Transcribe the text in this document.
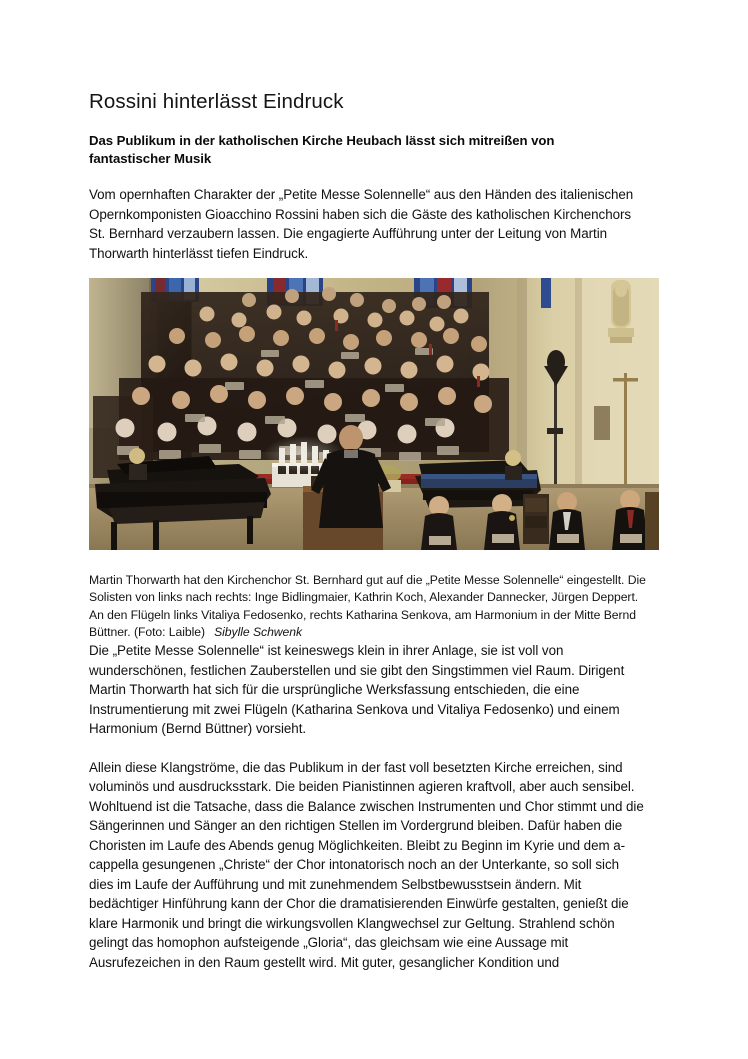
Rossini hinterlässt Eindruck
Das Publikum in der katholischen Kirche Heubach lässt sich mitreißen von fantastischer Musik

Vom opernhaften Charakter der „Petite Messe Solennelle“ aus den Händen des italienischen Opernkomponisten Gioacchino Rossini haben sich die Gäste des katholischen Kirchenchors St. Bernhard verzaubern lassen. Die engagierte Aufführung unter der Leitung von Martin Thorwarth hinterlässt tiefen Eindruck.

Martin Thorwarth hat den Kirchenchor St. Bernhard gut auf die „Petite Messe Solennelle“ eingestellt. Die Solisten von links nach rechts: Inge Bidlingmaier, Kathrin Koch, Alexander Dannecker, Jürgen Deppert. An den Flügeln links Vitaliya Fedosenko, rechts Katharina Senkova, am Harmonium in der Mitte Bernd Büttner. (Foto: Laible) Sibylle Schwenk

Die „Petite Messe Solennelle“ ist keineswegs klein in ihrer Anlage, sie ist voll von wunderschönen, festlichen Zauberstellen und sie gibt den Singstimmen viel Raum. Dirigent Martin Thorwarth hat sich für die ursprüngliche Werksfassung entschieden, die eine Instrumentierung mit zwei Flügeln (Katharina Senkova und Vitaliya Fedosenko) und einem Harmonium (Bernd Büttner) vorsieht.

Allein diese Klangströme, die das Publikum in der fast voll besetzten Kirche erreichen, sind voluminös und ausdrucksstark. Die beiden Pianistinnen agieren kraftvoll, aber auch sensibel. Wohltuend ist die Tatsache, dass die Balance zwischen Instrumenten und Chor stimmt und die Sängerinnen und Sänger an den richtigen Stellen im Vordergrund bleiben. Dafür haben die Choristen im Laufe des Abends genug Möglichkeiten. Bleibt zu Beginn im Kyrie und dem a-cappella gesungenen „Christe“ der Chor intonatorisch noch an der Unterkante, so soll sich dies im Laufe der Aufführung und mit zunehmendem Selbstbewusstsein ändern. Mit bedächtiger Hinführung kann der Chor die dramatisierenden Einwürfe gestalten, genießt die klare Harmonik und bringt die wirkungsvollen Klangwechsel zur Geltung. Strahlend schön gelingt das homophon aufsteigende „Gloria“, das gleichsam wie eine Aussage mit Ausrufezeichen in den Raum gestellt wird. Mit guter, gesanglicher Kondition und
